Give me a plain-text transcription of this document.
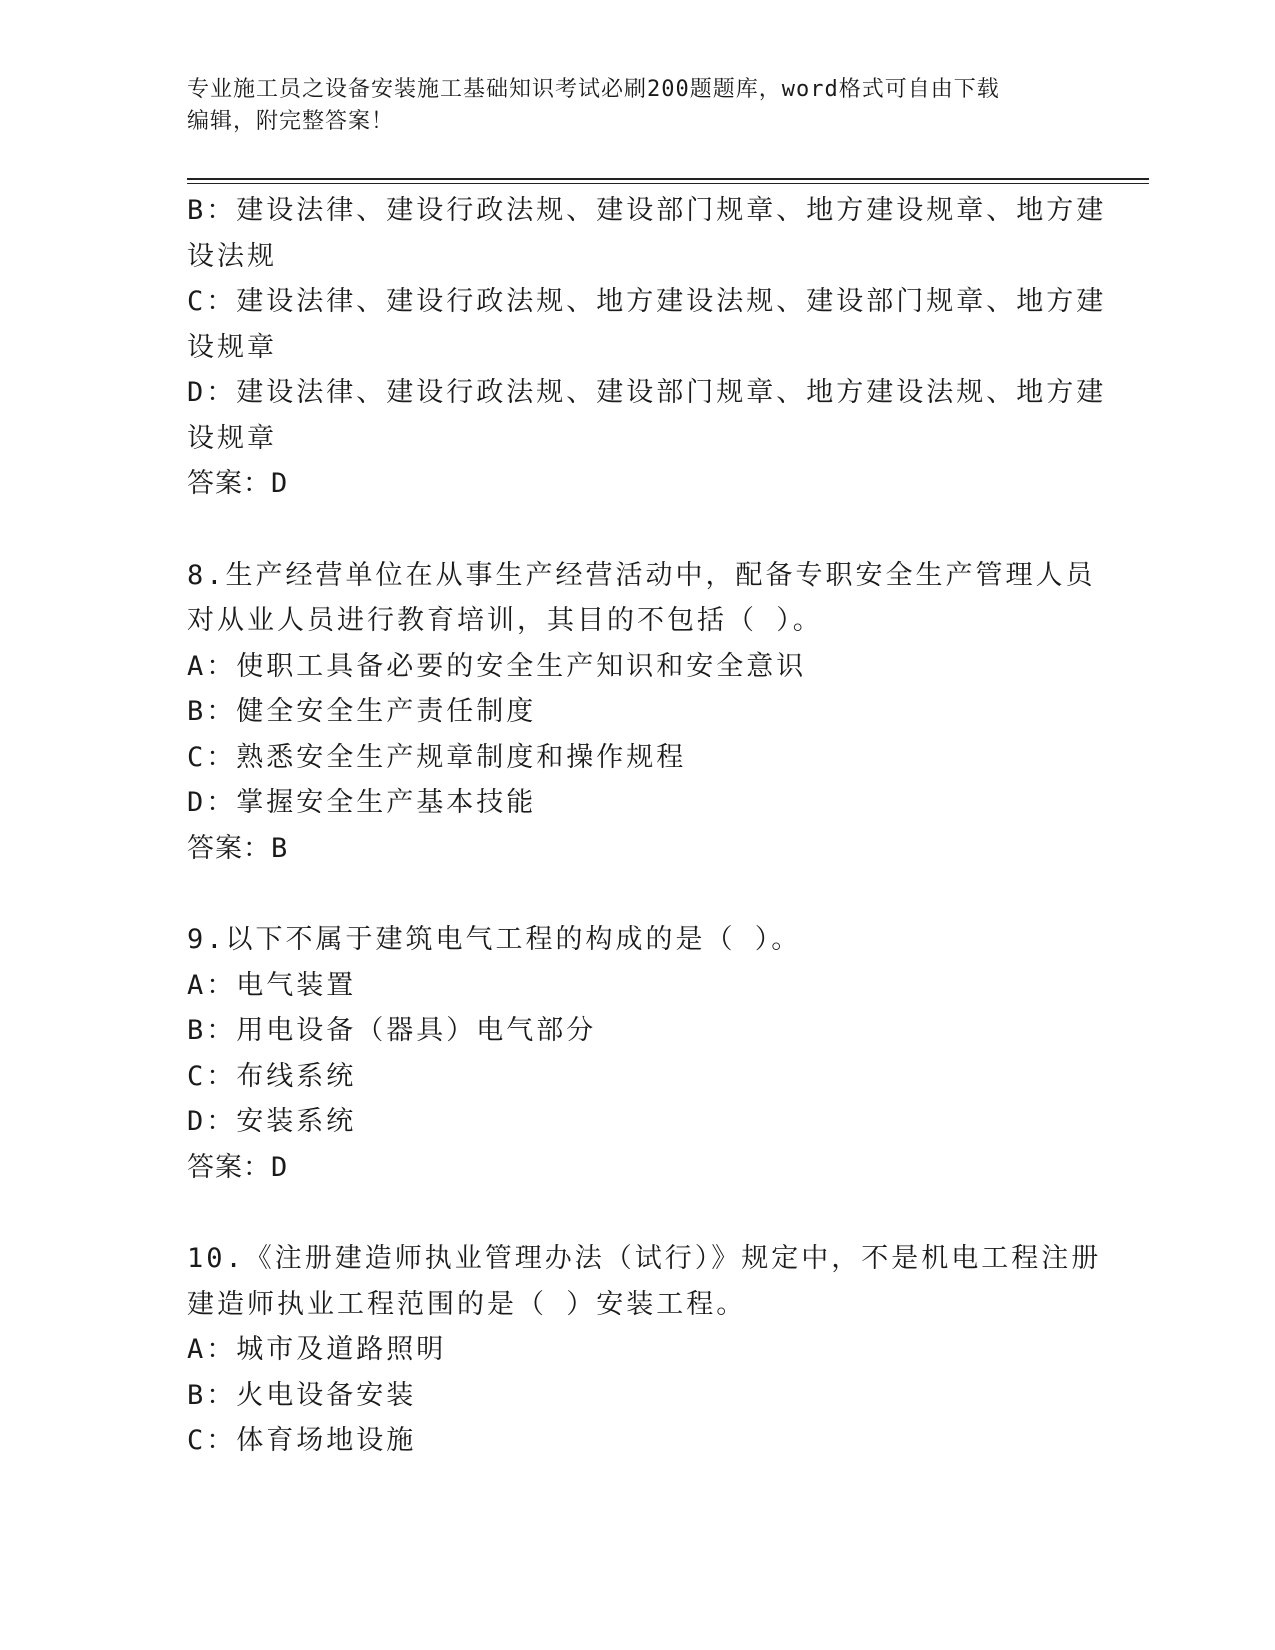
专业施工员之设备安装施工基础知识考试必刷200题题库，word格式可自由下载
编辑，附完整答案！
B：建设法律、建设行政法规、建设部门规章、地方建设规章、地方建
设法规
C：建设法律、建设行政法规、地方建设法规、建设部门规章、地方建
设规章
D：建设法律、建设行政法规、建设部门规章、地方建设法规、地方建
设规章
答案：D
8.生产经营单位在从事生产经营活动中，配备专职安全生产管理人员
对从业人员进行教育培训，其目的不包括（ ）。
A：使职工具备必要的安全生产知识和安全意识
B：健全安全生产责任制度
C：熟悉安全生产规章制度和操作规程
D：掌握安全生产基本技能
答案：B
9.以下不属于建筑电气工程的构成的是（ ）。
A：电气装置
B：用电设备（器具）电气部分
C：布线系统
D：安装系统
答案：D
10.《注册建造师执业管理办法（试行）》规定中，不是机电工程注册
建造师执业工程范围的是（ ）安装工程。
A：城市及道路照明
B：火电设备安装
C：体育场地设施
